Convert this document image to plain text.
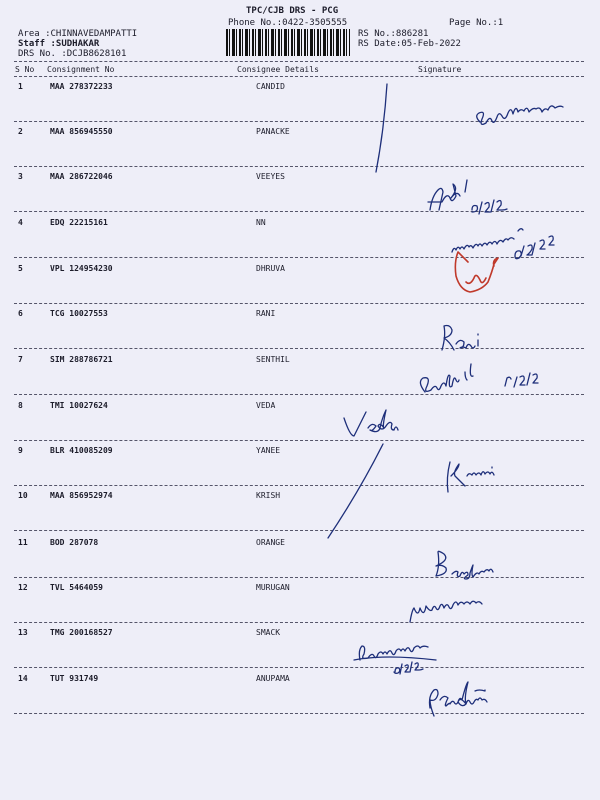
TPC/CJB DRS - PCG
Phone No.:0422-3505555	Page No.:1
Area :CHINNAVEDAMPATTI
Staff :SUDHAKAR
DRS No. :DCJB8628101
RS No.:886281
RS Date:05-Feb-2022
S No Consignment No	Consignee Details	Signature
1	MAA 278372233	CANDID
2	MAA 856945550	PANACKE
3	MAA 286722046	VEEYES
4	EDQ 22215161	NN
5	VPL 124954230	DHRUVA
6	TCG 10027553	RANI
7	SIM 288786721	SENTHIL
8	TMI 10027624	VEDA
9	BLR 410085209	YANEE
10	MAA 856952974	KRISH
11	BOD 287078	ORANGE
12	TVL 5464059	MURUGAN
13	TMG 200168527	SMACK
14	TUT 931749	ANUPAMA
